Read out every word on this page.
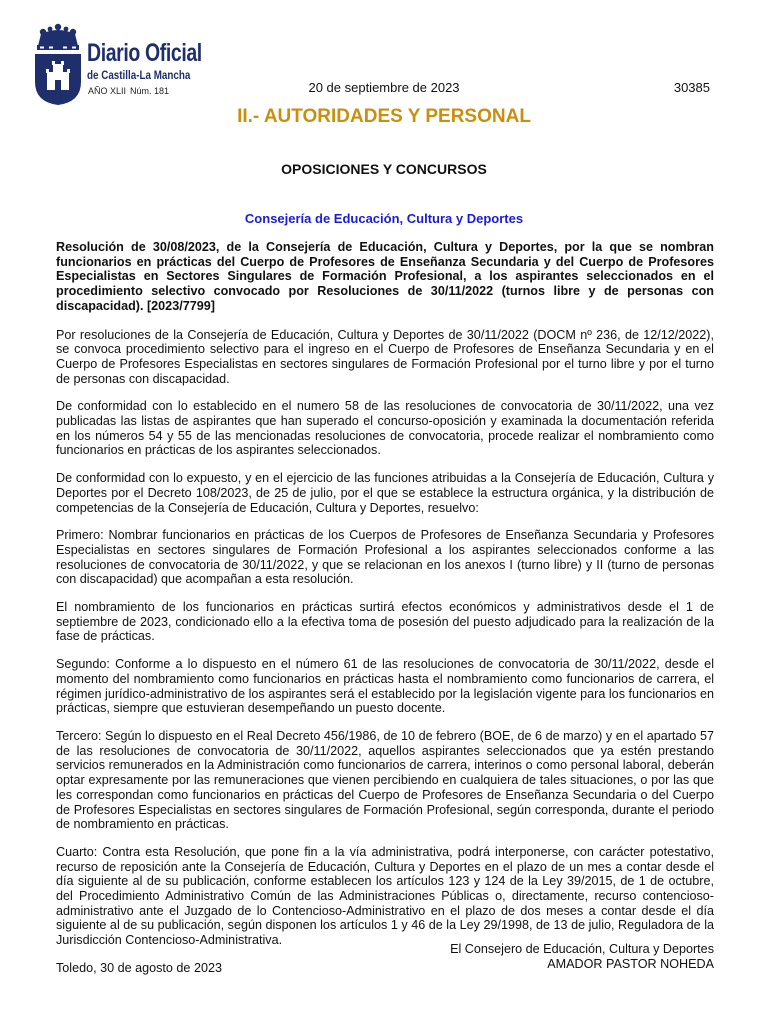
Diario Oficial
de Castilla-La Mancha
AÑO XLII Núm. 181	20 de septiembre de 2023	30385
II.- AUTORIDADES Y PERSONAL
OPOSICIONES Y CONCURSOS
Consejería de Educación, Cultura y Deportes

Resolución de 30/08/2023, de la Consejería de Educación, Cultura y Deportes, por la que se nombran funcionarios en prácticas del Cuerpo de Profesores de Enseñanza Secundaria y del Cuerpo de Profesores Especialistas en Sectores Singulares de Formación Profesional, a los aspirantes seleccionados en el procedimiento selectivo convocado por Resoluciones de 30/11/2022 (turnos libre y de personas con discapacidad). [2023/7799]

Por resoluciones de la Consejería de Educación, Cultura y Deportes de 30/11/2022 (DOCM nº 236, de 12/12/2022), se convoca procedimiento selectivo para el ingreso en el Cuerpo de Profesores de Enseñanza Secundaria y en el Cuerpo de Profesores Especialistas en sectores singulares de Formación Profesional por el turno libre y por el turno de personas con discapacidad.

De conformidad con lo establecido en el numero 58 de las resoluciones de convocatoria de 30/11/2022, una vez publicadas las listas de aspirantes que han superado el concurso-oposición y examinada la documentación referida en los números 54 y 55 de las mencionadas resoluciones de convocatoria, procede realizar el nombramiento como funcionarios en prácticas de los aspirantes seleccionados.

De conformidad con lo expuesto, y en el ejercicio de las funciones atribuidas a la Consejería de Educación, Cultura y Deportes por el Decreto 108/2023, de 25 de julio, por el que se establece la estructura orgánica, y la distribución de competencias de la Consejería de Educación, Cultura y Deportes, resuelvo:

Primero: Nombrar funcionarios en prácticas de los Cuerpos de Profesores de Enseñanza Secundaria y Profesores Especialistas en sectores singulares de Formación Profesional a los aspirantes seleccionados conforme a las resoluciones de convocatoria de 30/11/2022, y que se relacionan en los anexos I (turno libre) y II (turno de personas con discapacidad) que acompañan a esta resolución.

El nombramiento de los funcionarios en prácticas surtirá efectos económicos y administrativos desde el 1 de septiembre de 2023, condicionado ello a la efectiva toma de posesión del puesto adjudicado para la realización de la fase de prácticas.

Segundo: Conforme a lo dispuesto en el número 61 de las resoluciones de convocatoria de 30/11/2022, desde el momento del nombramiento como funcionarios en prácticas hasta el nombramiento como funcionarios de carrera, el régimen jurídico-administrativo de los aspirantes será el establecido por la legislación vigente para los funcionarios en prácticas, siempre que estuvieran desempeñando un puesto docente.

Tercero: Según lo dispuesto en el Real Decreto 456/1986, de 10 de febrero (BOE, de 6 de marzo) y en el apartado 57 de las resoluciones de convocatoria de 30/11/2022, aquellos aspirantes seleccionados que ya estén prestando servicios remunerados en la Administración como funcionarios de carrera, interinos o como personal laboral, deberán optar expresamente por las remuneraciones que vienen percibiendo en cualquiera de tales situaciones, o por las que les correspondan como funcionarios en prácticas del Cuerpo de Profesores de Enseñanza Secundaria o del Cuerpo de Profesores Especialistas en sectores singulares de Formación Profesional, según corresponda, durante el periodo de nombramiento en prácticas.

Cuarto: Contra esta Resolución, que pone fin a la vía administrativa, podrá interponerse, con carácter potestativo, recurso de reposición ante la Consejería de Educación, Cultura y Deportes en el plazo de un mes a contar desde el día siguiente al de su publicación, conforme establecen los artículos 123 y 124 de la Ley 39/2015, de 1 de octubre, del Procedimiento Administrativo Común de las Administraciones Públicas o, directamente, recurso contencioso-administrativo ante el Juzgado de lo Contencioso-Administrativo en el plazo de dos meses a contar desde el día siguiente al de su publicación, según disponen los artículos 1 y 46 de la Ley 29/1998, de 13 de julio, Reguladora de la Jurisdicción Contencioso-Administrativa.

Toledo, 30 de agosto de 2023

El Consejero de Educación, Cultura y Deportes
AMADOR PASTOR NOHEDA
